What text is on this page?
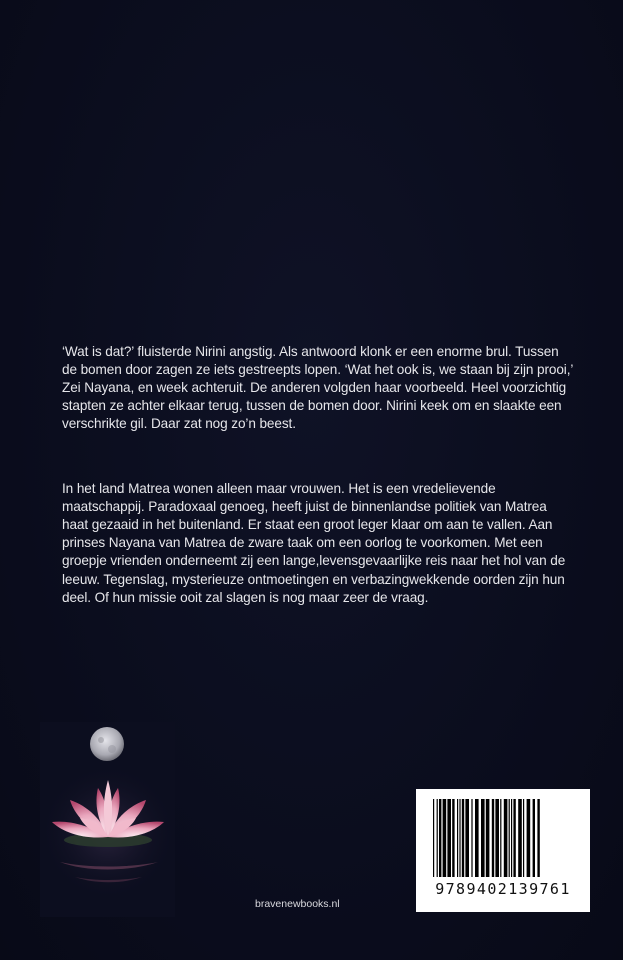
‘Wat is dat?’ fluisterde Nirini angstig. Als antwoord klonk er een enorme brul. Tussen de bomen door zagen ze iets gestreepts lopen. ‘Wat het ook is, we staan bij zijn prooi,’ Zei Nayana, en week achteruit. De anderen volgden haar voorbeeld. Heel voorzichtig stapten ze achter elkaar terug, tussen de bomen door. Nirini keek om en slaakte een verschrikte gil. Daar zat nog zo’n beest.

In het land Matrea wonen alleen maar vrouwen. Het is een vredelievende maatschappij. Paradoxaal genoeg, heeft juist de binnenlandse politiek van Matrea haat gezaaid in het buitenland. Er staat een groot leger klaar om aan te vallen. Aan prinses Nayana van Matrea de zware taak om een oorlog te voorkomen. Met een groepje vrienden onderneemt zij een lange,levensgevaarlijke reis naar het hol van de leeuw. Tegenslag, mysterieuze ontmoetingen en verbazingwekkende oorden zijn hun deel. Of hun missie ooit zal slagen is nog maar zeer de vraag.

bravenewbooks.nl
9789402139761
